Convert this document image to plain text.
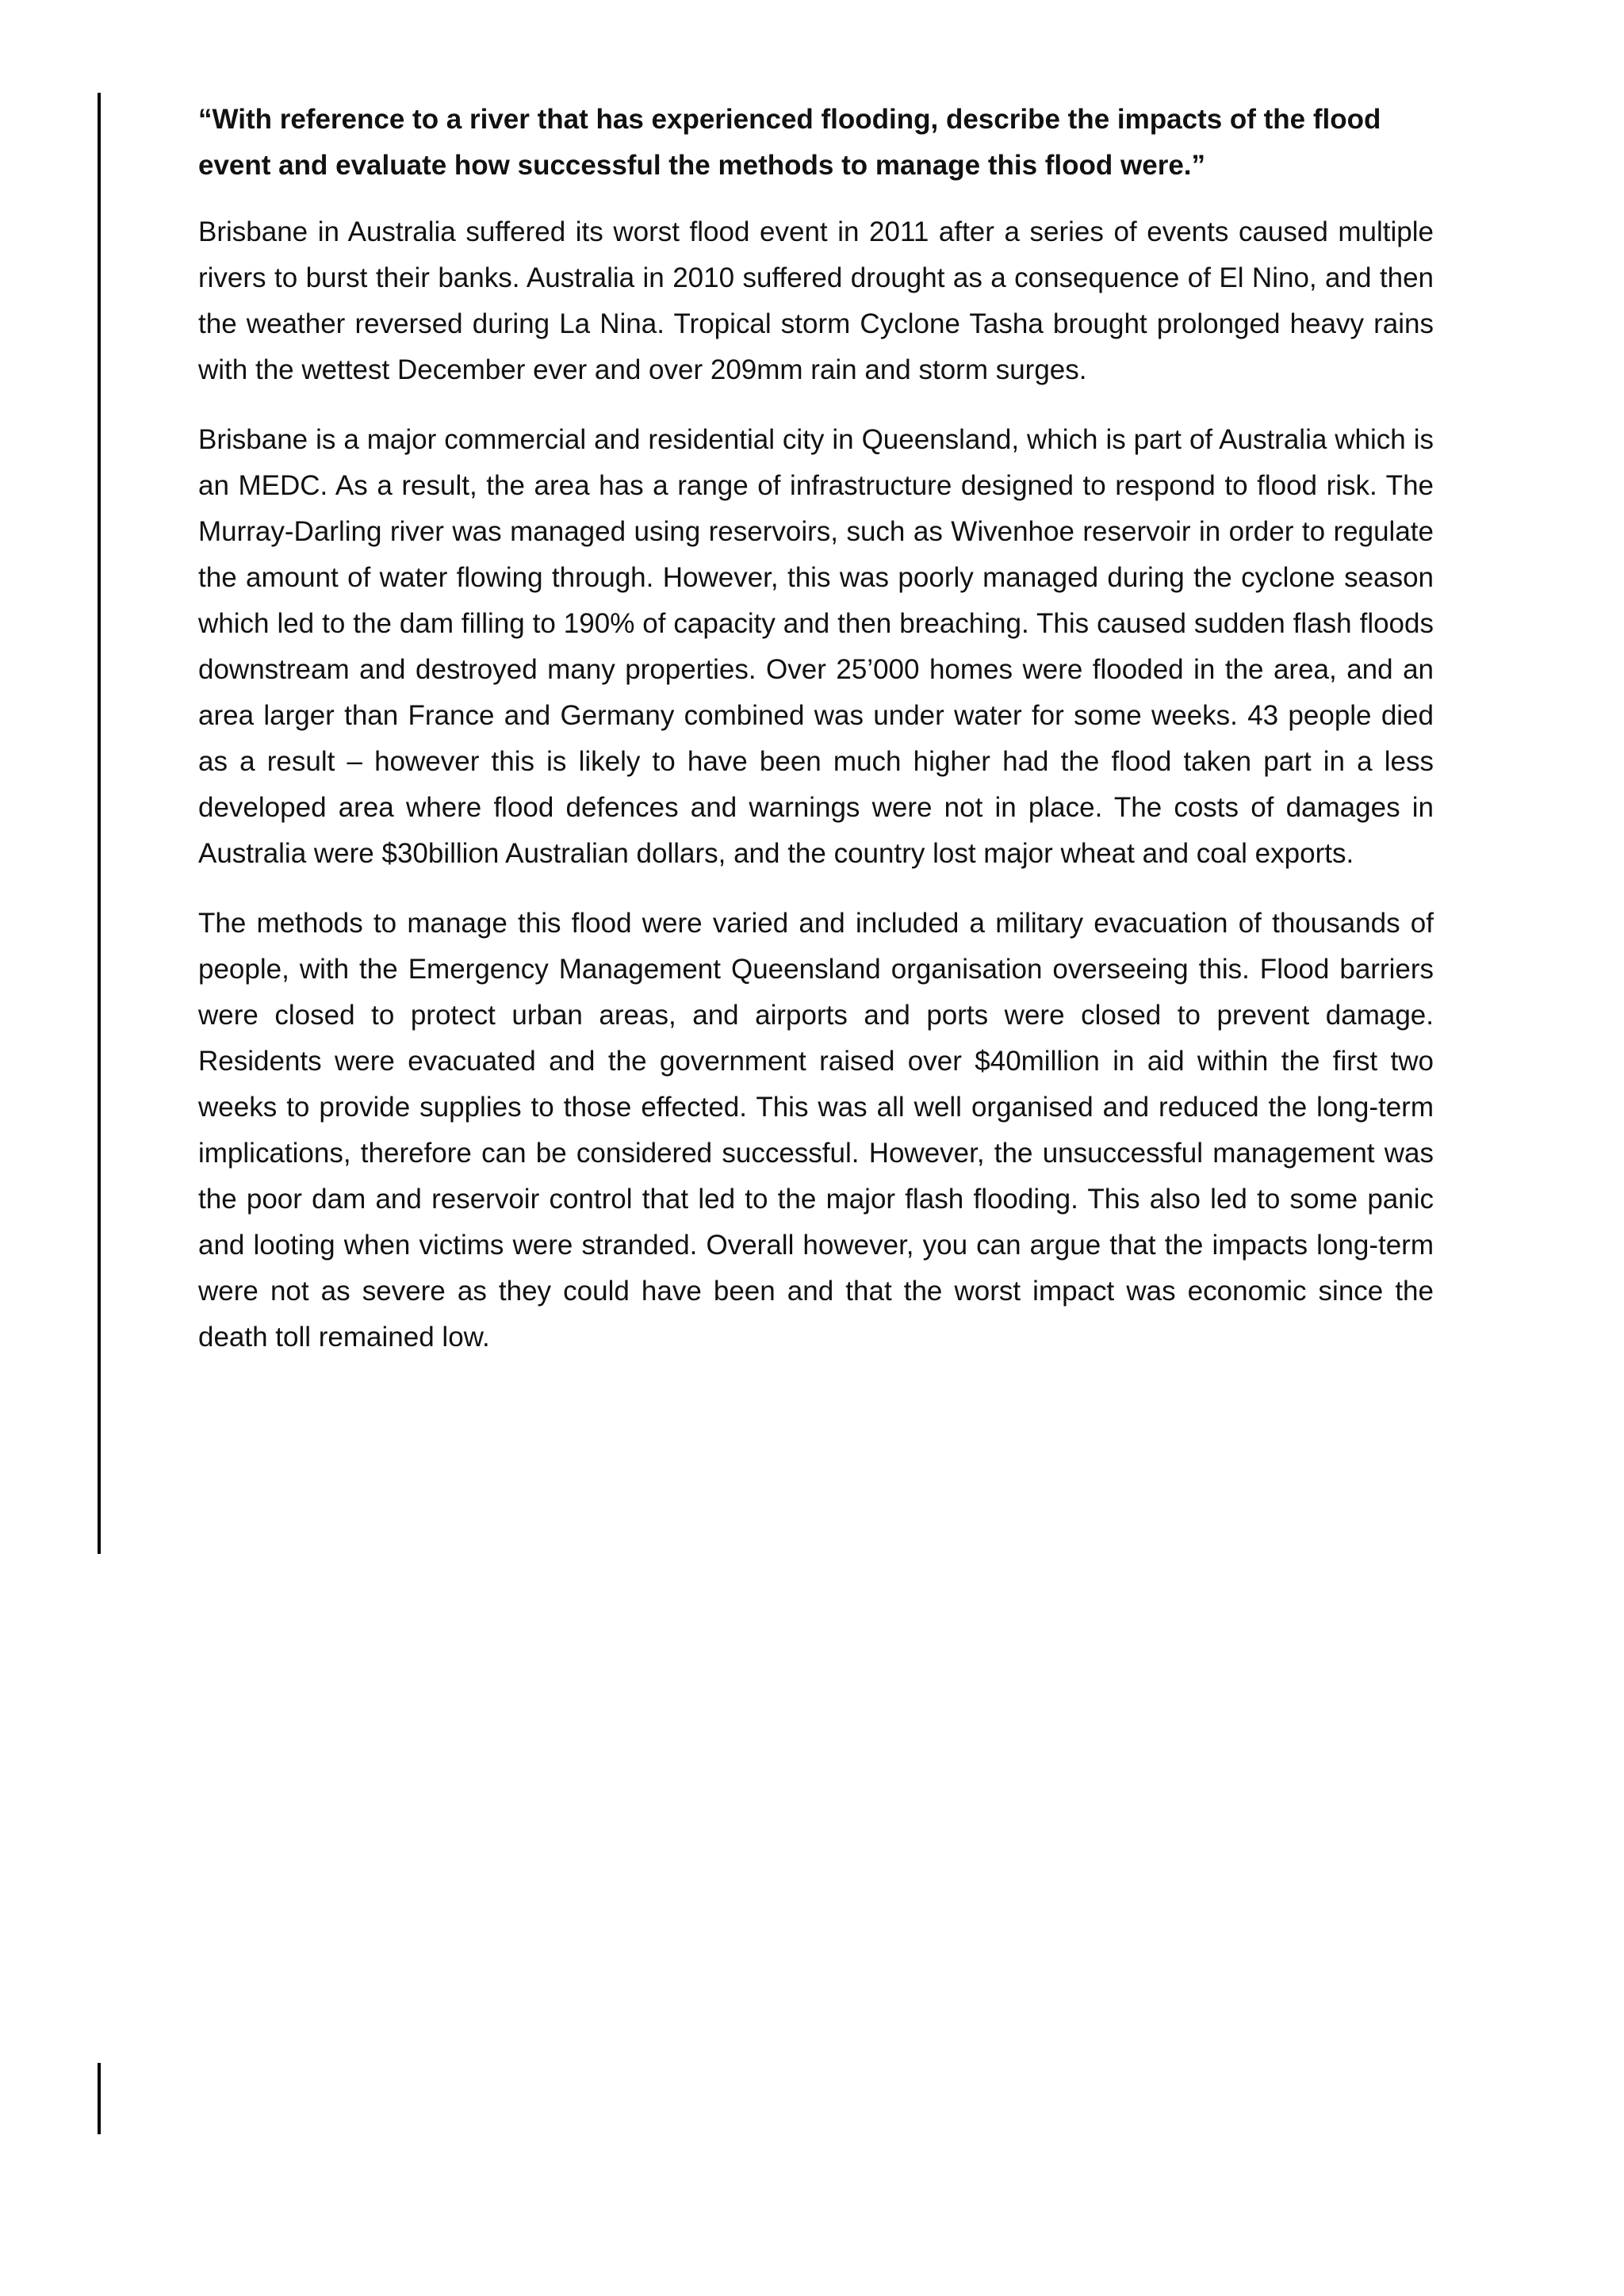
“With reference to a river that has experienced flooding, describe the impacts of the flood event and evaluate how successful the methods to manage this flood were.”

Brisbane in Australia suffered its worst flood event in 2011 after a series of events caused multiple rivers to burst their banks. Australia in 2010 suffered drought as a consequence of El Nino, and then the weather reversed during La Nina. Tropical storm Cyclone Tasha brought prolonged heavy rains with the wettest December ever and over 209mm rain and storm surges.

Brisbane is a major commercial and residential city in Queensland, which is part of Australia which is an MEDC. As a result, the area has a range of infrastructure designed to respond to flood risk. The Murray-Darling river was managed using reservoirs, such as Wivenhoe reservoir in order to regulate the amount of water flowing through. However, this was poorly managed during the cyclone season which led to the dam filling to 190% of capacity and then breaching. This caused sudden flash floods downstream and destroyed many properties. Over 25’000 homes were flooded in the area, and an area larger than France and Germany combined was under water for some weeks. 43 people died as a result – however this is likely to have been much higher had the flood taken part in a less developed area where flood defences and warnings were not in place. The costs of damages in Australia were $30billion Australian dollars, and the country lost major wheat and coal exports.

The methods to manage this flood were varied and included a military evacuation of thousands of people, with the Emergency Management Queensland organisation overseeing this. Flood barriers were closed to protect urban areas, and airports and ports were closed to prevent damage. Residents were evacuated and the government raised over $40million in aid within the first two weeks to provide supplies to those effected. This was all well organised and reduced the long-term implications, therefore can be considered successful. However, the unsuccessful management was the poor dam and reservoir control that led to the major flash flooding. This also led to some panic and looting when victims were stranded. Overall however, you can argue that the impacts long-term were not as severe as they could have been and that the worst impact was economic since the death toll remained low.
